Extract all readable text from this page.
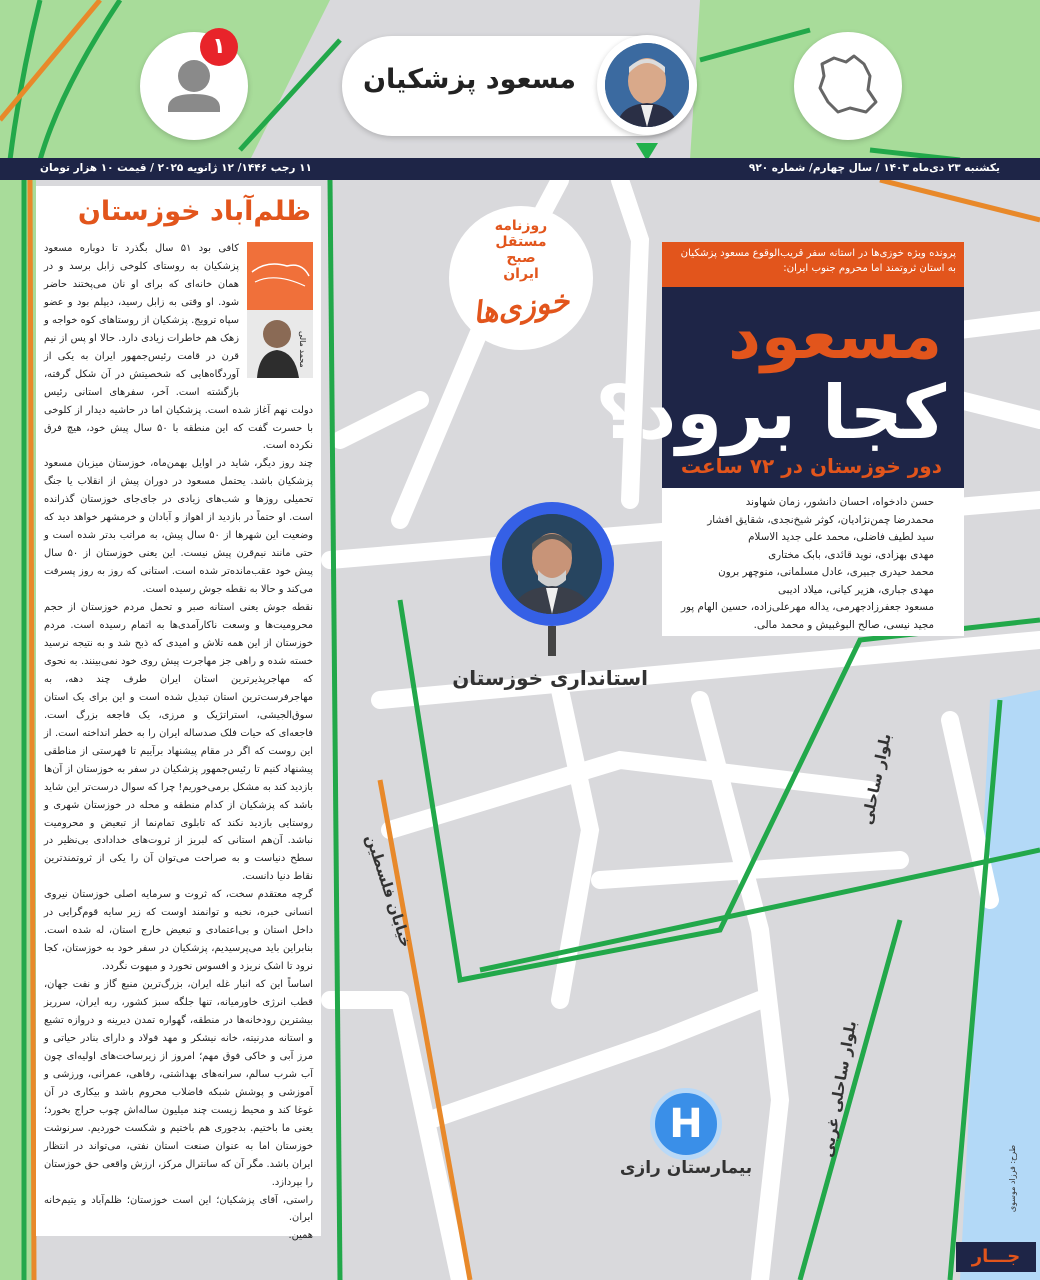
۱
مسعود پزشکیان
یکشنبه ۲۳ دی‌ماه ۱۴۰۳ / سال چهارم/ شماره ۹۲۰
۱۱ رجب ۱۴۴۶/ ۱۲ ژانویه ۲۰۲۵ / قیمت ۱۰ هزار تومان
ظلم‌آباد خوزستان
محمد مالی

کافی بود ۵۱ سال بگذرد تا دوباره مسعود پزشکیان به روستای کلوخی زابل برسد و در همان خانه‌ای که برای او نان می‌پختند حاضر شود. او وقتی به زابل رسید، دیپلم بود و عضو سپاه ترویج. پزشکیان از روستاهای کوه خواجه و زهک هم خاطرات زیادی دارد. حالا او پس از نیم قرن در قامت رئیس‌جمهور ایران به یکی از آوردگاه‌هایی که شخصیتش در آن شکل گرفته، بازگشته است. آخر، سفرهای استانی رئیس دولت نهم آغاز شده است. پزشکیان اما در حاشیه دیدار از کلوخی با حسرت گفت که این منطقه با ۵۰ سال پیش خود، هیچ فرق نکرده است.

چند روز دیگر، شاید در اوایل بهمن‌ماه، خوزستان میزبان مسعود پزشکیان باشد. یحتمل مسعود در دوران پیش از انقلاب یا جنگ تحمیلی روزها و شب‌های زیادی در جای‌جای خوزستان گذرانده است. او حتماً در بازدید از اهواز و آبادان و خرمشهر خواهد دید که وضعیت این شهرها از ۵۰ سال پیش، به مراتب بدتر شده است و حتی مانند نیم‌قرن پیش نیست. این یعنی خوزستان از ۵۰ سال پیش خود عقب‌مانده‌تر شده است. استانی که روز به روز پسرفت می‌کند و حالا به نقطه جوش رسیده است.

نقطه جوش یعنی استانه صبر و تحمل مردم خوزستان از حجم محرومیت‌ها و وسعت ناکارآمدی‌ها به اتمام رسیده است. مردم خوزستان از این همه تلاش و امیدی که ذبح شد و به نتیجه نرسید خسته شده و راهی جز مهاجرت پیش روی خود نمی‌بینند. به نحوی که مهاجرپذیرترین استان ایران طرف چند دهه، به مهاجرفرست‌ترین استان تبدیل شده است و این برای یک استان سوق‌الجیشی، استراتژیک و مرزی، یک فاجعه بزرگ است. فاجعه‌ای که حیات فلک صدساله ایران را به خطر انداخته است. از این روست که اگر در مقام پیشنهاد برآییم تا فهرستی از مناطقی پیشنهاد کنیم تا رئیس‌جمهور پزشکیان در سفر به خوزستان از آن‌ها بازدید کند به مشکل برمی‌خوریم! چرا که سوال درست‌تر این شاید باشد که پزشکیان از کدام منطقه و محله در خوزستان شهری و روستایی بازدید نکند که تابلوی تمام‌نما از تبعیض و محرومیت نباشد. آن‌هم استانی که لبریز از ثروت‌های خدادادی بی‌نظیر در سطح دنیاست و به صراحت می‌توان آن را یکی از ثروتمندترین نقاط دنیا دانست.

گرچه معتقدم سخت، که ثروت و سرمایه اصلی خوزستان نیروی انسانی خبره، نخبه و توانمند اوست که زیر سایه قوم‌گرایی در داخل استان و بی‌اعتمادی و تبعیض خارج استان، له شده است. بنابراین باید می‌پرسیدیم، پزشکیان در سفر خود به خوزستان، کجا نرود تا اشک نریزد و افسوس نخورد و مبهوت نگردد.

اساساً این که انبار غله ایران، بزرگ‌ترین منبع گاز و نفت جهان، قطب انرژی خاورمیانه، تنها جلگه سبز کشور، ربه ایران، سرریز بیشترین رودخانه‌ها در منطقه، گهواره تمدن دیرینه و دروازه تشیع و استانه مدرنیته، خانه نیشکر و مهد فولاد و دارای بنادر حیاتی و مرز آبی و خاکی فوق مهم؛ امروز از زیرساخت‌های اولیه‌ای چون آب شرب سالم، سرانه‌های بهداشتی، رفاهی، عمرانی، ورزشی و آموزشی و پوشش شبکه فاضلاب محروم باشد و بیکاری در آن غوغا کند و محیط زیست چند میلیون ساله‌اش چوب حراج بخورد؛ یعنی ما باختیم. بدجوری هم باختیم و شکست خوردیم. سرنوشت خوزستان اما به عنوان صنعت استان نفتی، می‌تواند در انتظار ایران باشد. مگر آن که سانترال مرکز، ارزش واقعی حق خوزستان را بپردازد.

راستی، آقای پزشکیان؛ این است خوزستان؛ ظلم‌آباد و یتیم‌خانه ایران.

همین.

روزنامه
مستقل
صبح
ایران
خوزی‌ها
پرونده ویژه خوزی‌ها در استانه سفر قریب‌الوقوع مسعود پزشکیان به استان ثروتمند اما محروم جنوب ایران:
مسعود
کجا برود؟
دور خوزستان در ۷۲ ساعت
حسن دادخواه، احسان دانشور، زمان شهاوند
محمدرضا چمن‌نژادیان، کوثر شیخ‌نجدی، شقایق افشار
سید لطیف فاضلی، محمد علی جدید الاسلام
مهدی بهزادی، نوید قائدی، بابک مختاری
محمد حیدری جبیری، عادل مسلمانی، منوچهر برون
مهدی جباری، هزیر کیانی، میلاد ادیبی
مسعود جعفرزادجهرمی، یداله مهرعلی‌زاده، حسین الهام پور
مجید نیسی، صالح البوغبیش و محمد مالی.
استانداری خوزستان
خیابان فلسطین
بلوار ساحلی
بلوار ساحلی غربی
H
بیمارستان رازی	طرح: فرزاد موسوی
جـــار
